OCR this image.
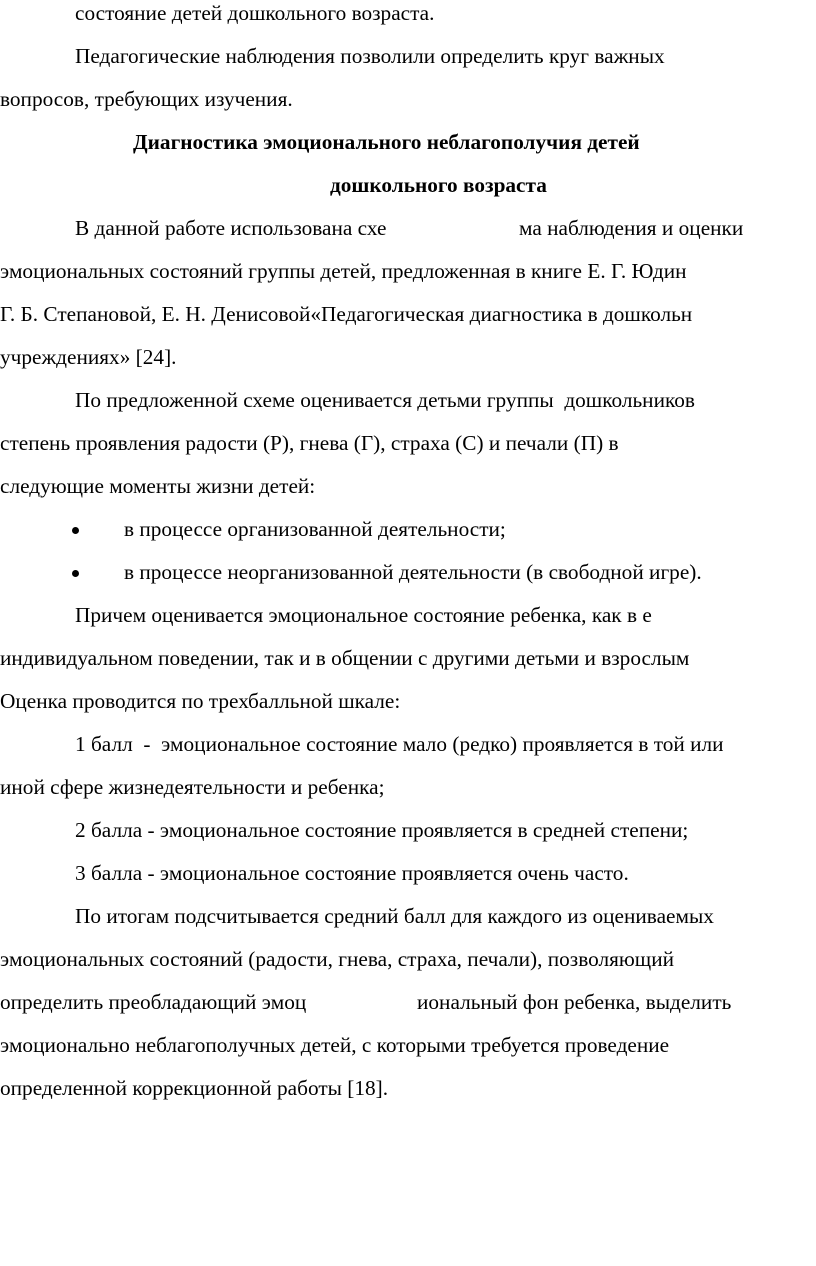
состояние детей дошкольного возраста.
Педагогические наблюдения позволили определить круг важных
вопросов, требующих изучения.
Диагностика эмоционального неблагополучия детей
дошкольного возраста
В данной работе использована схе	ма наблюдения и оценки
эмоциональных состояний группы детей, предложенная в книге Е. Г. Юдин
Г. Б. Степановой, Е. Н. Денисовой«Педагогическая диагностика в дошкольн
учреждениях» [24].
По предложенной схеме оценивается детьми группы  дошкольников
степень проявления радости (Р), гнева (Г), страха (С) и печали (П) в
следующие моменты жизни детей:
в процессе организованной деятельности;
в процессе неорганизованной деятельности (в свободной игре).
Причем оценивается эмоциональное состояние ребенка, как в е
индивидуальном поведении, так и в общении с другими детьми и взрослым
Оценка проводится по трехбалльной шкале:
1 балл  -  эмоциональное состояние мало (редко) проявляется в той или
иной сфере жизнедеятельности и ребенка;
2 балла - эмоциональное состояние проявляется в средней степени;
3 балла - эмоциональное состояние проявляется очень часто.
По итогам подсчитывается средний балл для каждого из оцениваемых
эмоциональных состояний (радости, гнева, страха, печали), позволяющий
определить преобладающий эмоц	иональный фон ребенка, выделить
эмоционально неблагополучных детей, с которыми требуется проведение
определенной коррекционной работы [18].
